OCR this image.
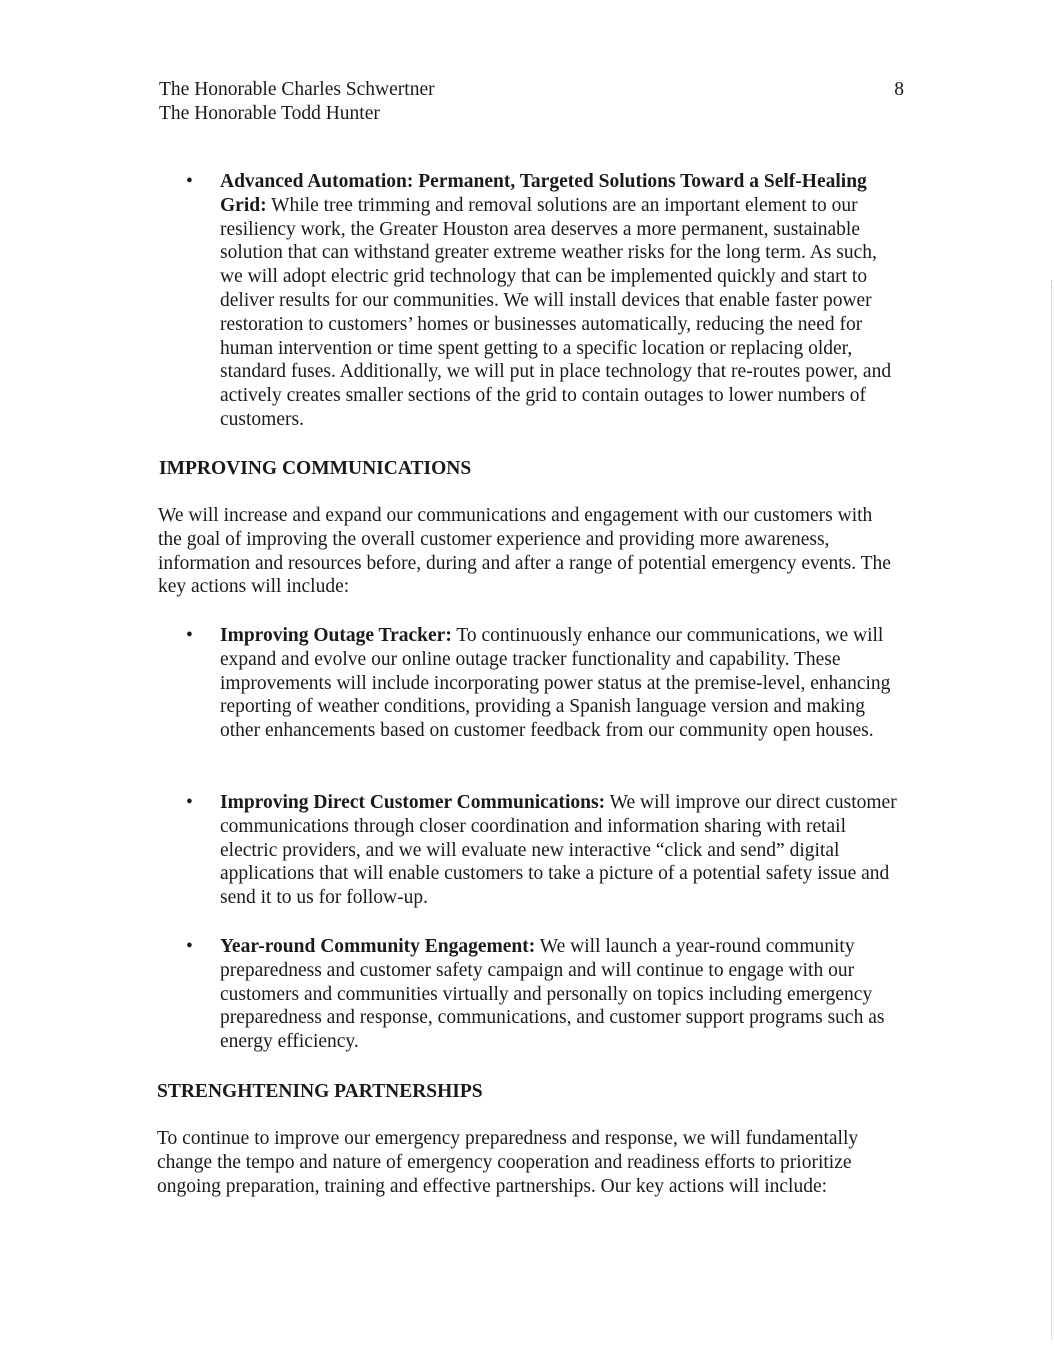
The Honorable Charles Schwertner
The Honorable Todd Hunter
8
•	Advanced Automation: Permanent, Targeted Solutions Toward a Self-Healing Grid: While tree trimming and removal solutions are an important element to our resiliency work, the Greater Houston area deserves a more permanent, sustainable solution that can withstand greater extreme weather risks for the long term. As such, we will adopt electric grid technology that can be implemented quickly and start to deliver results for our communities. We will install devices that enable faster power restoration to customers’ homes or businesses automatically, reducing the need for human intervention or time spent getting to a specific location or replacing older, standard fuses. Additionally, we will put in place technology that re-routes power, and actively creates smaller sections of the grid to contain outages to lower numbers of customers.
IMPROVING COMMUNICATIONS
We will increase and expand our communications and engagement with our customers with the goal of improving the overall customer experience and providing more awareness, information and resources before, during and after a range of potential emergency events. The key actions will include:
•	Improving Outage Tracker: To continuously enhance our communications, we will expand and evolve our online outage tracker functionality and capability. These improvements will include incorporating power status at the premise-level, enhancing reporting of weather conditions, providing a Spanish language version and making other enhancements based on customer feedback from our community open houses.
•	Improving Direct Customer Communications: We will improve our direct customer communications through closer coordination and information sharing with retail electric providers, and we will evaluate new interactive “click and send” digital applications that will enable customers to take a picture of a potential safety issue and send it to us for follow-up.
•	Year-round Community Engagement: We will launch a year-round community preparedness and customer safety campaign and will continue to engage with our customers and communities virtually and personally on topics including emergency preparedness and response, communications, and customer support programs such as energy efficiency.
STRENGHTENING PARTNERSHIPS
To continue to improve our emergency preparedness and response, we will fundamentally change the tempo and nature of emergency cooperation and readiness efforts to prioritize ongoing preparation, training and effective partnerships. Our key actions will include:
